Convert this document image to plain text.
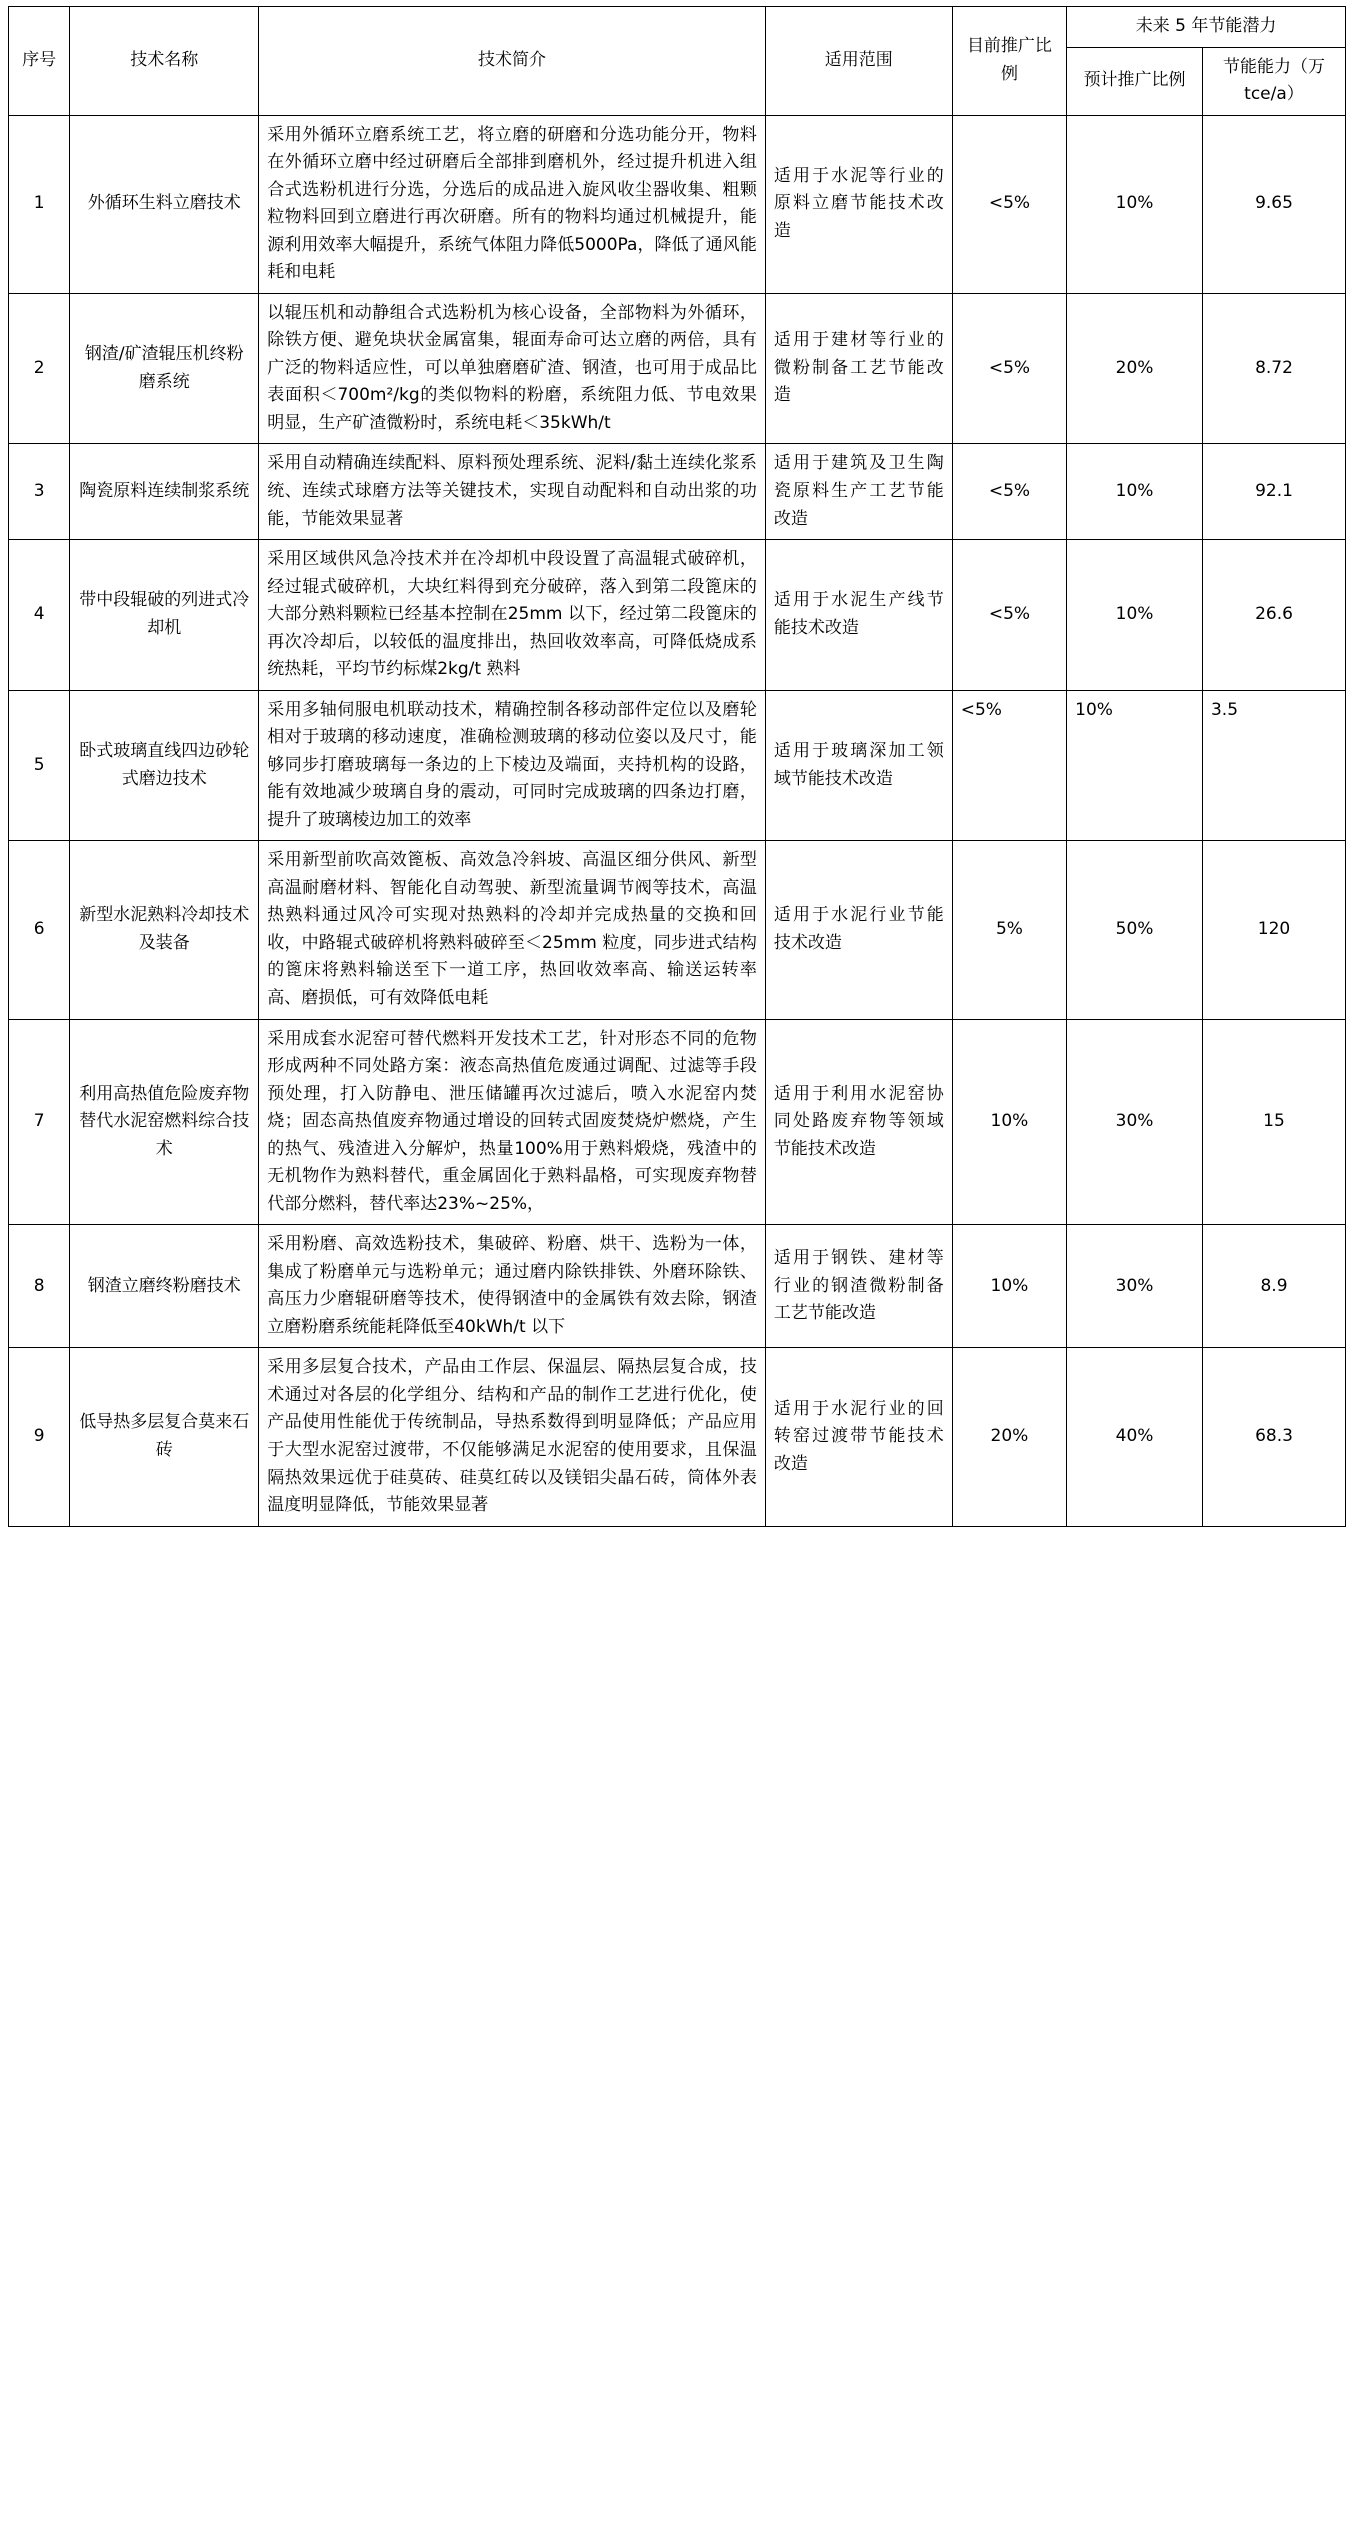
序号	技术名称	技术简介	适用范围	目前推广比例	未来 5 年节能潜力	
					预计推广比例	节能能力（万 tce/a）
1	外循环生料立磨技术	采用外循环立磨系统工艺，将立磨的研磨和分选功能分开，物料在外循环立磨中经过研磨后全部排到磨机外，经过提升机进入组合式选粉机进行分选，分选后的成品进入旋风收尘器收集、粗颗粒物料回到立磨进行再次研磨。所有的物料均通过机械提升，能源利用效率大幅提升，系统气体阻力降低5000Pa，降低了通风能耗和电耗	适用于水泥等行业的原料立磨节能技术改造	<5%	10%	9.65
2	钢渣/矿渣辊压机终粉磨系统	以辊压机和动静组合式选粉机为核心设备，全部物料为外循环，除铁方便、避免块状金属富集，辊面寿命可达立磨的两倍，具有广泛的物料适应性，可以单独磨磨矿渣、钢渣，也可用于成品比表面积＜700m²/kg的类似物料的粉磨，系统阻力低、节电效果明显，生产矿渣微粉时，系统电耗＜35kWh/t	适用于建材等行业的微粉制备工艺节能改造	<5%	20%	8.72
3	陶瓷原料连续制浆系统	采用自动精确连续配料、原料预处理系统、泥料/黏土连续化浆系统、连续式球磨方法等关键技术，实现自动配料和自动出浆的功能，节能效果显著	适用于建筑及卫生陶瓷原料生产工艺节能改造	<5%	10%	92.1
4	带中段辊破的列进式冷却机	采用区域供风急冷技术并在冷却机中段设置了高温辊式破碎机，经过辊式破碎机，大块红料得到充分破碎，落入到第二段篦床的大部分熟料颗粒已经基本控制在25mm 以下，经过第二段篦床的再次冷却后，以较低的温度排出，热回收效率高，可降低烧成系统热耗，平均节约标煤2kg/t 熟料	适用于水泥生产线节能技术改造	<5%	10%	26.6
5	卧式玻璃直线四边砂轮式磨边技术	采用多轴伺服电机联动技术，精确控制各移动部件定位以及磨轮相对于玻璃的移动速度，准确检测玻璃的移动位姿以及尺寸，能够同步打磨玻璃每一条边的上下棱边及端面，夹持机构的设路，能有效地减少玻璃自身的震动，可同时完成玻璃的四条边打磨，提升了玻璃棱边加工的效率	适用于玻璃深加工领域节能技术改造	<5%	10%	3.5
6	新型水泥熟料冷却技术及装备	采用新型前吹高效篦板、高效急冷斜坡、高温区细分供风、新型高温耐磨材料、智能化自动驾驶、新型流量调节阀等技术，高温热熟料通过风冷可实现对热熟料的冷却并完成热量的交换和回收，中路辊式破碎机将熟料破碎至＜25mm 粒度，同步进式结构的篦床将熟料输送至下一道工序，热回收效率高、输送运转率高、磨损低，可有效降低电耗	适用于水泥行业节能技术改造	5%	50%	120
7	利用高热值危险废弃物替代水泥窑燃料综合技术	采用成套水泥窑可替代燃料开发技术工艺，针对形态不同的危物形成两种不同处路方案：液态高热值危废通过调配、过滤等手段预处理，打入防静电、泄压储罐再次过滤后，喷入水泥窑内焚烧；固态高热值废弃物通过增设的回转式固废焚烧炉燃烧，产生的热气、残渣进入分解炉，热量100%用于熟料煅烧，残渣中的无机物作为熟料替代，重金属固化于熟料晶格，可实现废弃物替代部分燃料，替代率达23%~25%，	适用于利用水泥窑协同处路废弃物等领域节能技术改造	10%	30%	15
8	钢渣立磨终粉磨技术	采用粉磨、高效选粉技术，集破碎、粉磨、烘干、选粉为一体，集成了粉磨单元与选粉单元；通过磨内除铁排铁、外磨环除铁、高压力少磨辊研磨等技术，使得钢渣中的金属铁有效去除，钢渣立磨粉磨系统能耗降低至40kWh/t 以下	适用于钢铁、建材等行业的钢渣微粉制备工艺节能改造	10%	30%	8.9
9	低导热多层复合莫来石砖	采用多层复合技术，产品由工作层、保温层、隔热层复合成，技术通过对各层的化学组分、结构和产品的制作工艺进行优化，使产品使用性能优于传统制品，导热系数得到明显降低；产品应用于大型水泥窑过渡带，不仅能够满足水泥窑的使用要求，且保温隔热效果远优于硅莫砖、硅莫红砖以及镁铝尖晶石砖，筒体外表温度明显降低，节能效果显著	适用于水泥行业的回转窑过渡带节能技术改造	20%	40%	68.3
